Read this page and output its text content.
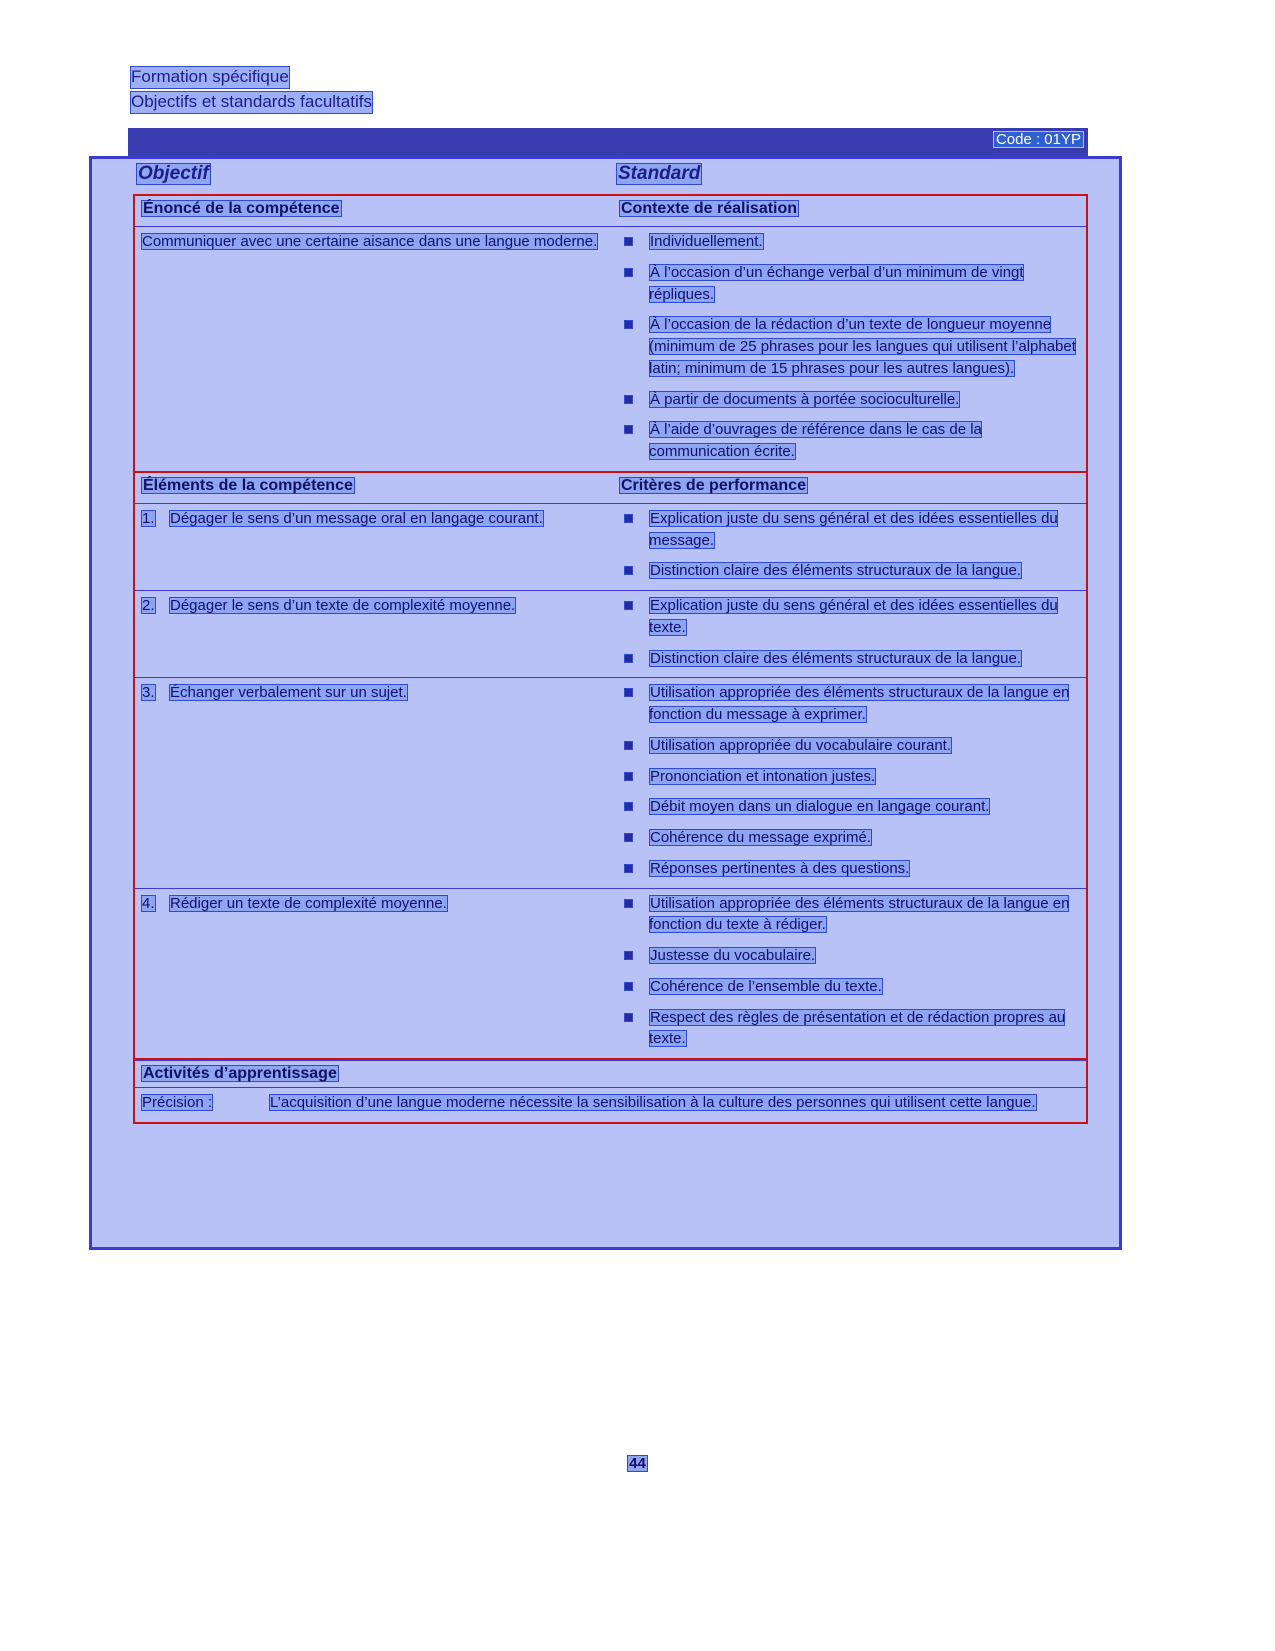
Formation spécifique
Objectifs et standards facultatifs
Code : 01YP
Objectif	Standard
Énoncé de la compétence	Contexte de réalisation
Communiquer avec une certaine aisance dans une langue moderne.	Individuellement.
À l’occasion d’un échange verbal d’un minimum de vingt répliques.
À l’occasion de la rédaction d’un texte de longueur moyenne (minimum de 25 phrases pour les langues qui utilisent l’alphabet latin; minimum de 15 phrases pour les autres langues).
À partir de documents à portée socioculturelle.
À l’aide d’ouvrages de référence dans le cas de la communication écrite.
Éléments de la compétence	Critères de performance
1.	Dégager le sens d’un message oral en langage courant.	Explication juste du sens général et des idées essentielles du message.
Distinction claire des éléments structuraux de la langue.
2.	Dégager le sens d’un texte de complexité moyenne.	Explication juste du sens général et des idées essentielles du texte.
Distinction claire des éléments structuraux de la langue.
3.	Échanger verbalement sur un sujet.	Utilisation appropriée des éléments structuraux de la langue en fonction du message à exprimer.
Utilisation appropriée du vocabulaire courant.
Prononciation et intonation justes.
Débit moyen dans un dialogue en langage courant.
Cohérence du message exprimé.
Réponses pertinentes à des questions.
4.	Rédiger un texte de complexité moyenne.	Utilisation appropriée des éléments structuraux de la langue en fonction du texte à rédiger.
Justesse du vocabulaire.
Cohérence de l’ensemble du texte.
Respect des règles de présentation et de rédaction propres au texte.
Activités d’apprentissage
Précision :	L’acquisition d’une langue moderne nécessite la sensibilisation à la culture des personnes qui utilisent cette langue.
44
